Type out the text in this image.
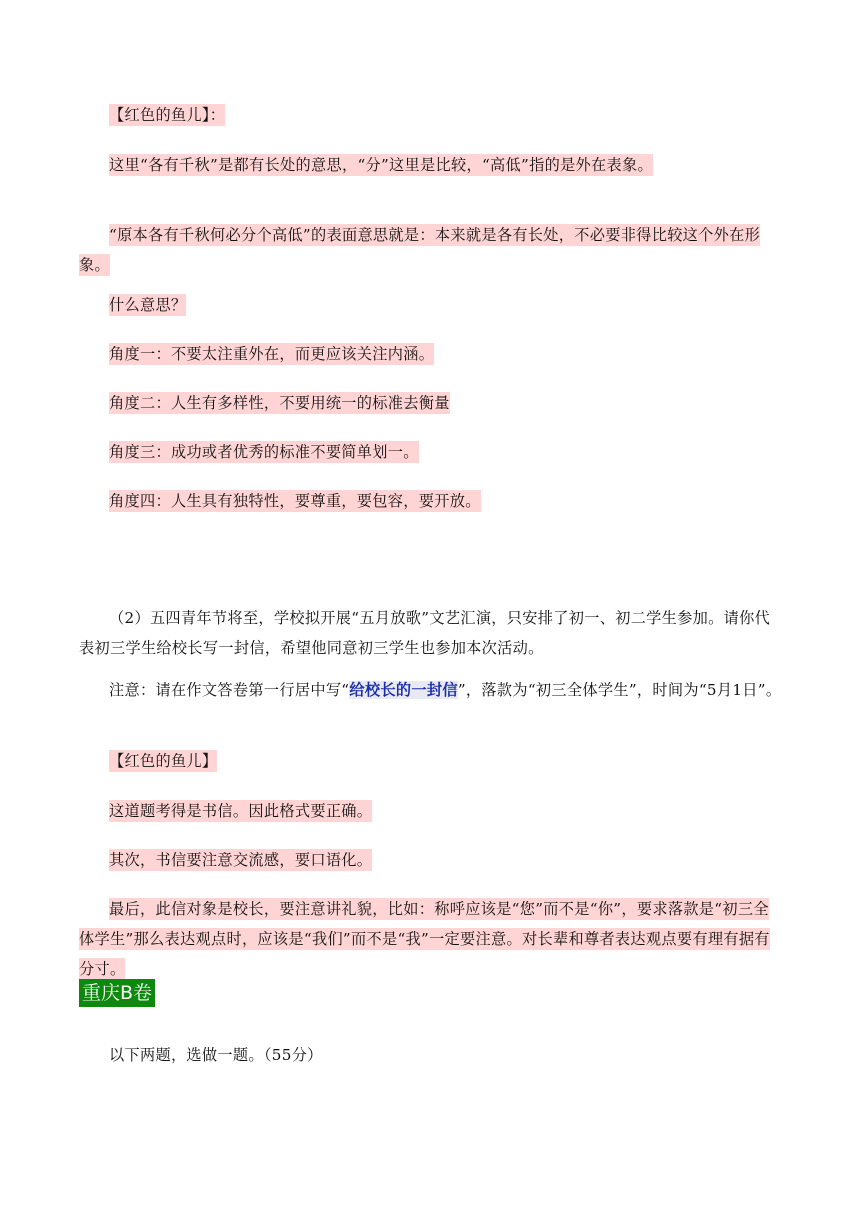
【红色的鱼儿】：

这里“各有千秋”是都有长处的意思，“分”这里是比较，“高低”指的是外在表象。

“原本各有千秋何必分个高低”的表面意思就是：本来就是各有长处，不必要非得比较这个外在形象。

什么意思？

角度一：不要太注重外在，而更应该关注内涵。

角度二：人生有多样性，不要用统一的标准去衡量

角度三：成功或者优秀的标准不要简单划一。

角度四：人生具有独特性，要尊重，要包容，要开放。

（2）五四青年节将至，学校拟开展“五月放歌”文艺汇演，只安排了初一、初二学生参加。请你代表初三学生给校长写一封信，希望他同意初三学生也参加本次活动。

注意：请在作文答卷第一行居中写“给校长的一封信”，落款为“初三全体学生”，时间为“5月1日”。

【红色的鱼儿】

这道题考得是书信。因此格式要正确。

其次，书信要注意交流感，要口语化。

最后，此信对象是校长，要注意讲礼貌，比如：称呼应该是“您”而不是“你”，要求落款是“初三全体学生”那么表达观点时，应该是“我们”而不是“我”一定要注意。对长辈和尊者表达观点要有理有据有分寸。

重庆B卷

以下两题，选做一题。（55分）
